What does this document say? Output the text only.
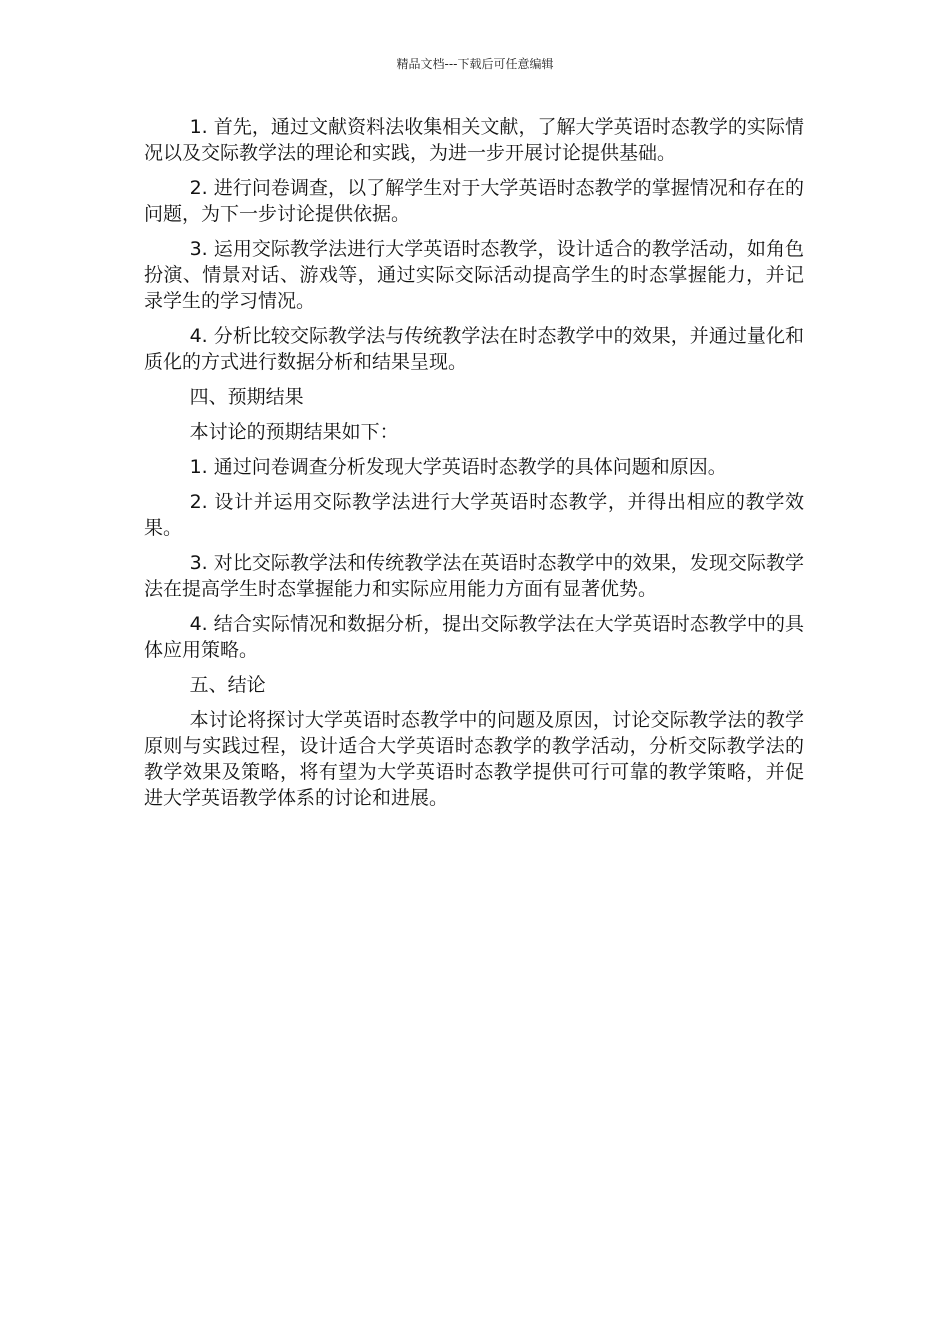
精品文档---下载后可任意编辑

1. 首先，通过文献资料法收集相关文献，了解大学英语时态教学的实际情况以及交际教学法的理论和实践，为进一步开展讨论提供基础。

2. 进行问卷调查，以了解学生对于大学英语时态教学的掌握情况和存在的问题，为下一步讨论提供依据。

3. 运用交际教学法进行大学英语时态教学，设计适合的教学活动，如角色扮演、情景对话、游戏等，通过实际交际活动提高学生的时态掌握能力，并记录学生的学习情况。

4. 分析比较交际教学法与传统教学法在时态教学中的效果，并通过量化和质化的方式进行数据分析和结果呈现。

四、预期结果

本讨论的预期结果如下：

1. 通过问卷调查分析发现大学英语时态教学的具体问题和原因。

2. 设计并运用交际教学法进行大学英语时态教学，并得出相应的教学效果。

3. 对比交际教学法和传统教学法在英语时态教学中的效果，发现交际教学法在提高学生时态掌握能力和实际应用能力方面有显著优势。

4. 结合实际情况和数据分析，提出交际教学法在大学英语时态教学中的具体应用策略。

五、结论

本讨论将探讨大学英语时态教学中的问题及原因，讨论交际教学法的教学原则与实践过程，设计适合大学英语时态教学的教学活动，分析交际教学法的教学效果及策略，将有望为大学英语时态教学提供可行可靠的教学策略，并促进大学英语教学体系的讨论和进展。
